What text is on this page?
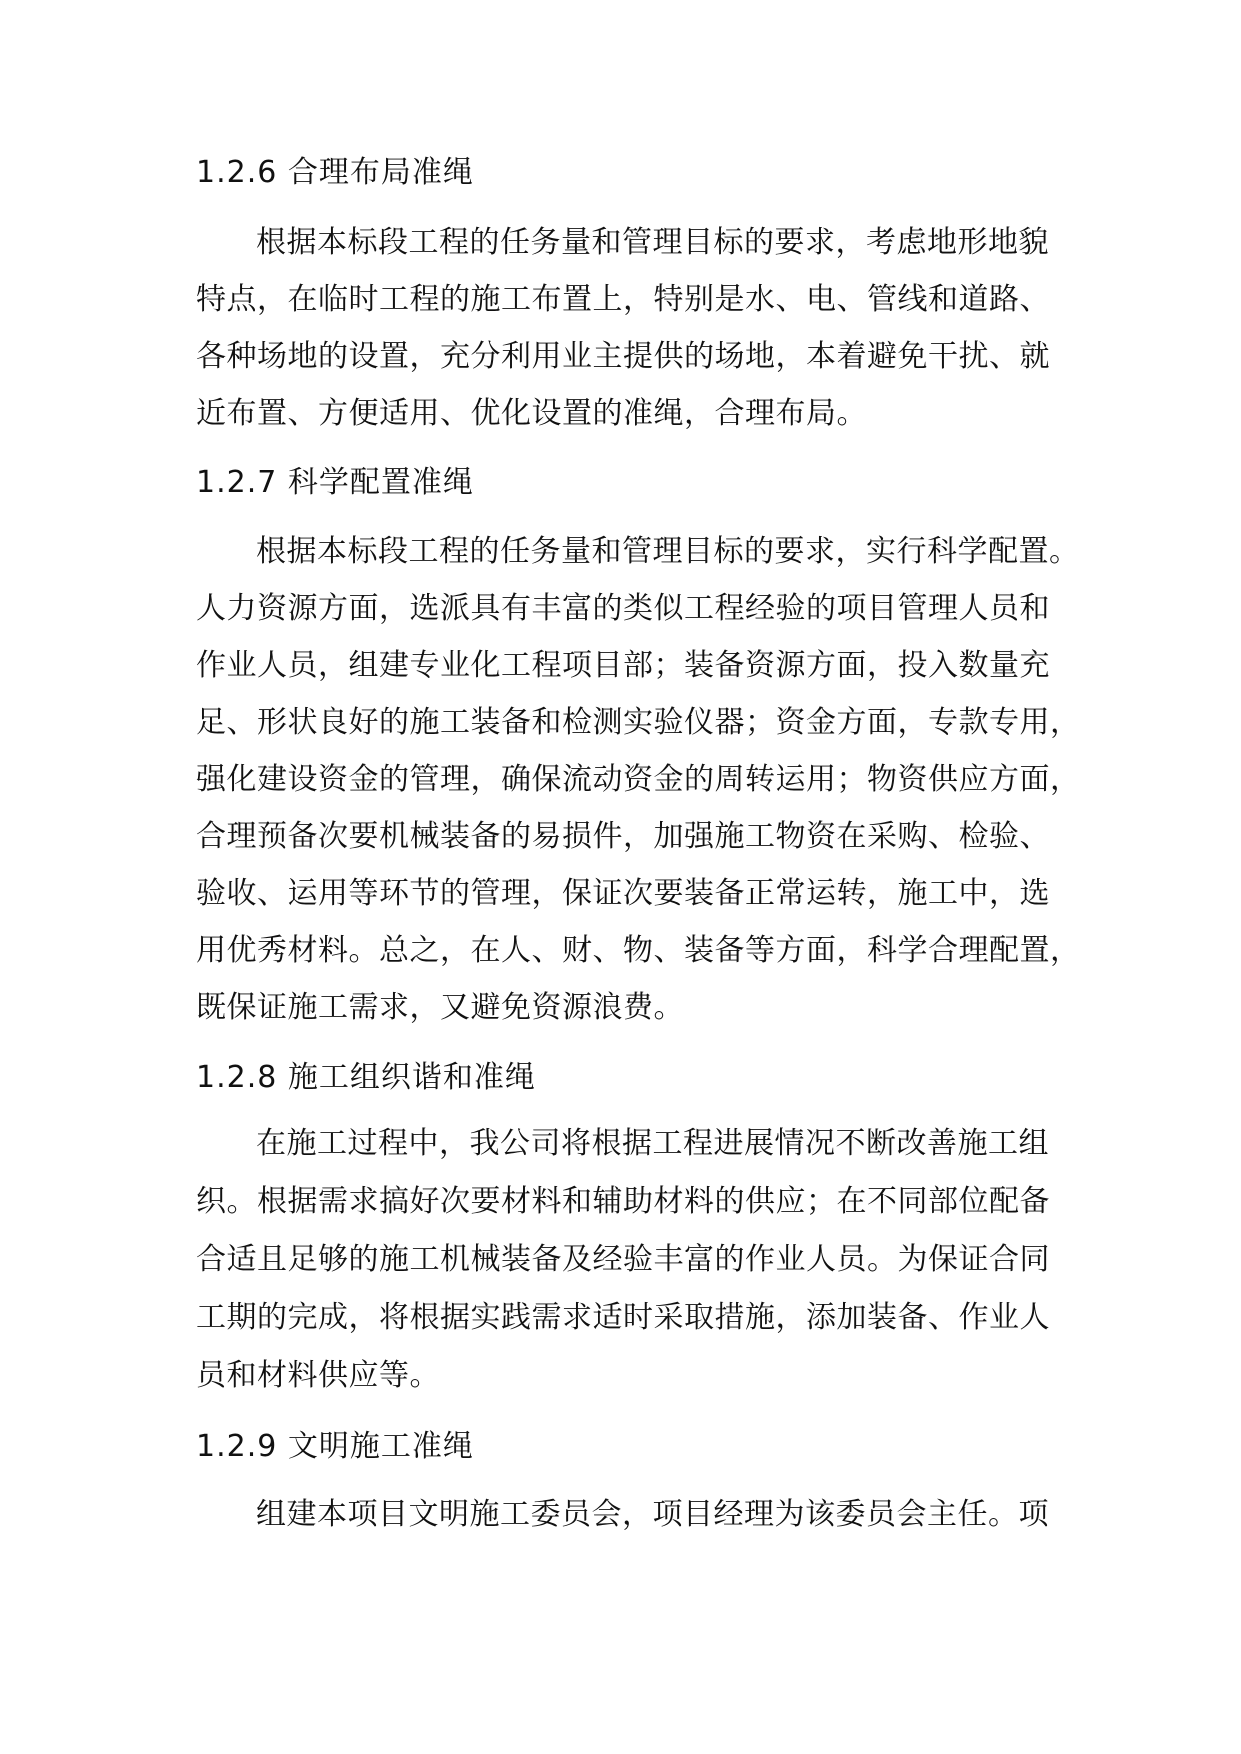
1.2.6 合理布局准绳
根据本标段工程的任务量和管理目标的要求，考虑地形地貌
特点，在临时工程的施工布置上，特别是水、电、管线和道路、
各种场地的设置，充分利用业主提供的场地，本着避免干扰、就
近布置、方便适用、优化设置的准绳，合理布局。
1.2.7 科学配置准绳
根据本标段工程的任务量和管理目标的要求，实行科学配置。
人力资源方面，选派具有丰富的类似工程经验的项目管理人员和
作业人员，组建专业化工程项目部；装备资源方面，投入数量充
足、形状良好的施工装备和检测实验仪器；资金方面，专款专用，
强化建设资金的管理，确保流动资金的周转运用；物资供应方面，
合理预备次要机械装备的易损件，加强施工物资在采购、检验、
验收、运用等环节的管理，保证次要装备正常运转，施工中，选
用优秀材料。总之，在人、财、物、装备等方面，科学合理配置，
既保证施工需求，又避免资源浪费。
1.2.8 施工组织谐和准绳
在施工过程中，我公司将根据工程进展情况不断改善施工组
织。根据需求搞好次要材料和辅助材料的供应；在不同部位配备
合适且足够的施工机械装备及经验丰富的作业人员。为保证合同
工期的完成，将根据实践需求适时采取措施，添加装备、作业人
员和材料供应等。
1.2.9 文明施工准绳
组建本项目文明施工委员会，项目经理为该委员会主任。项
